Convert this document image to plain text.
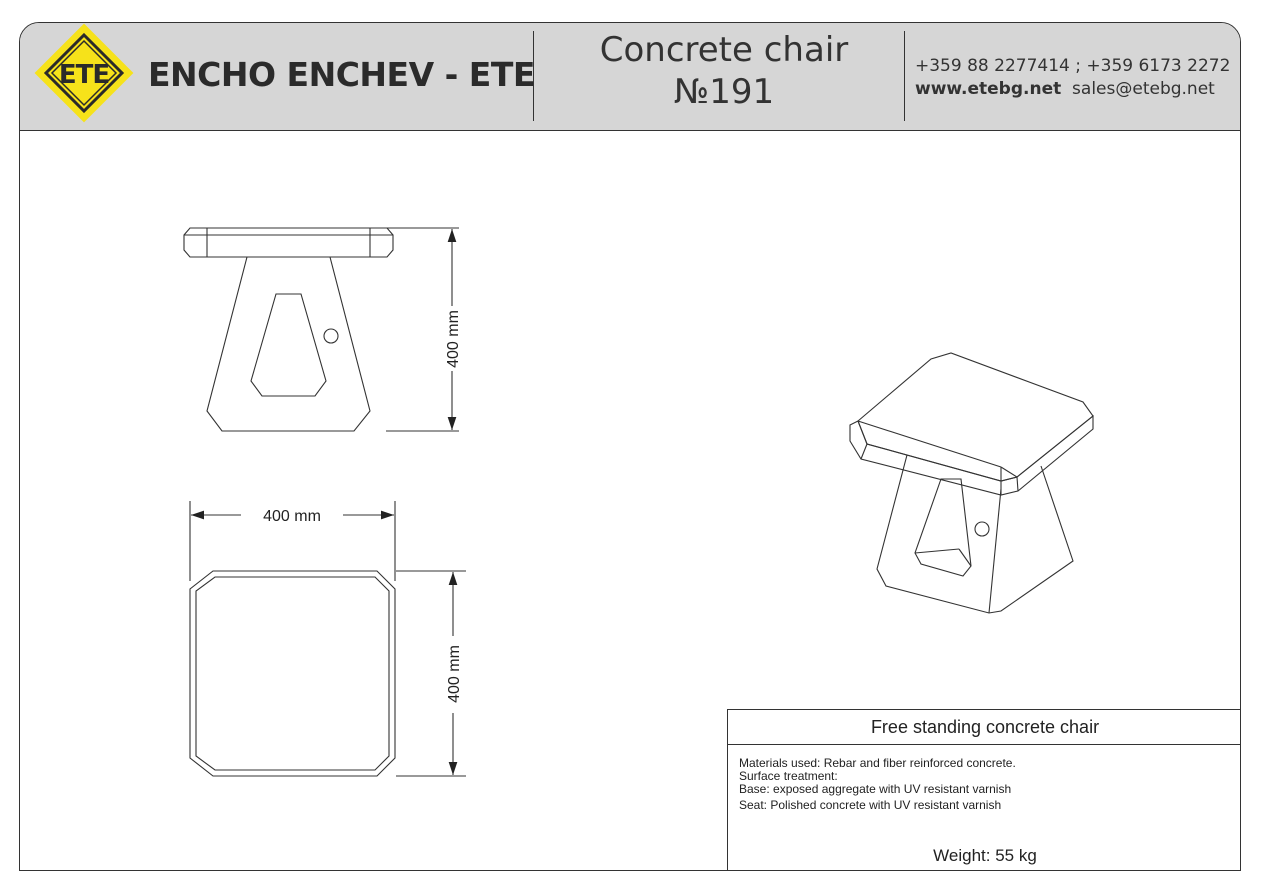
ETE ENCHO ENCHEV - ETE
Concrete chair
№191
+359 88 2277414 ; +359 6173 2272
www.etebg.net sales@etebg.net
400 mm
400 mm
400 mm
Free standing concrete chair
Materials used: Rebar and fiber reinforced concrete.
Surface treatment:
Base: exposed aggregate with UV resistant varnish
Seat: Polished concrete with UV resistant varnish
Weight: 55 kg
